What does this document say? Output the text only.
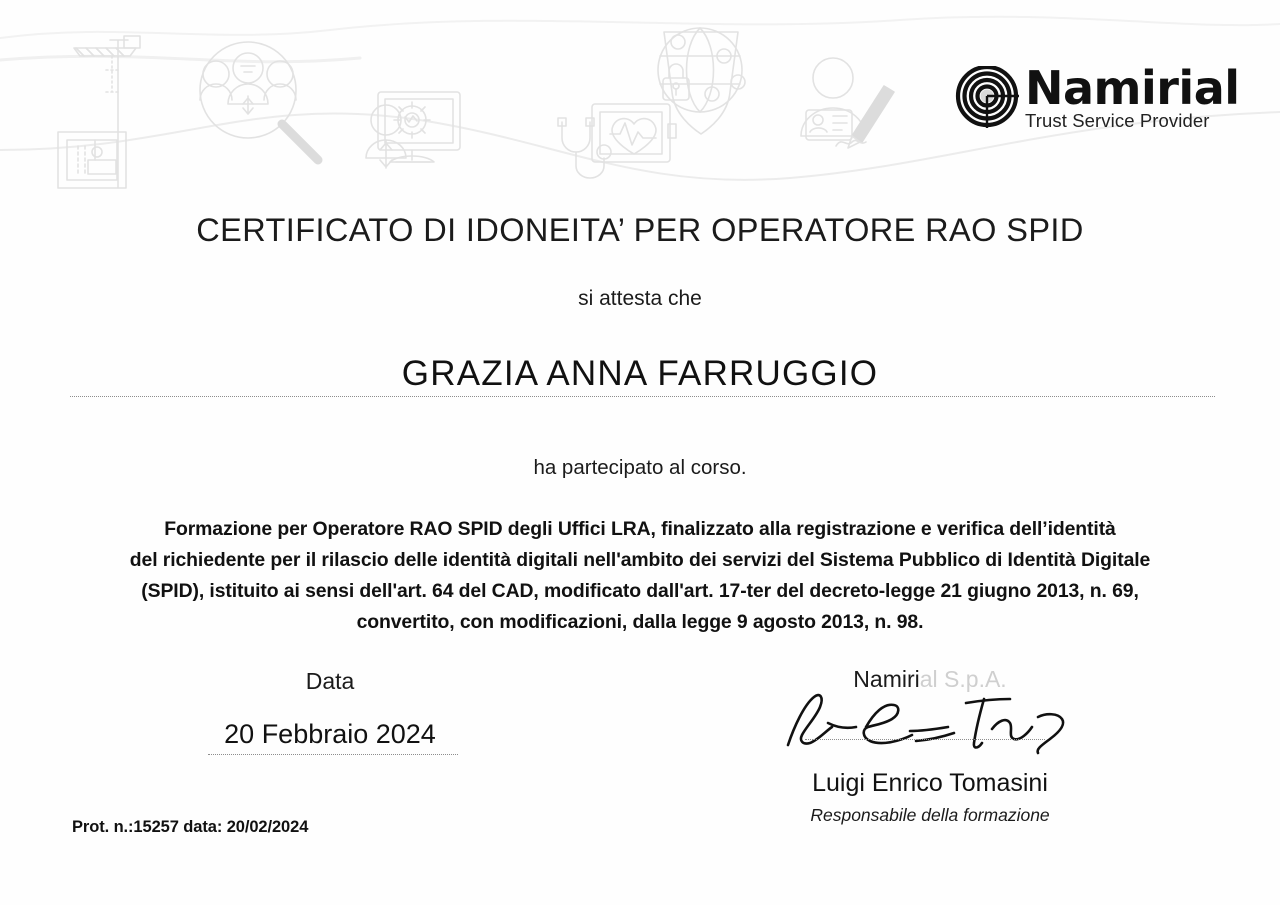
Namirial
Trust Service Provider
CERTIFICATO DI IDONEITA’ PER OPERATORE RAO SPID
si attesta che
GRAZIA ANNA FARRUGGIO
ha partecipato al corso.
Formazione per Operatore RAO SPID degli Uffici LRA, finalizzato alla registrazione e verifica dell’identità
del richiedente per il rilascio delle identità digitali nell'ambito dei servizi del Sistema Pubblico di Identità Digitale
(SPID), istituito ai sensi dell'art. 64 del CAD, modificato dall'art. 17-ter del decreto-legge 21 giugno 2013, n. 69,
convertito, con modificazioni, dalla legge 9 agosto 2013, n. 98.
Data
20 Febbraio 2024
Namirial S.p.A.
Luigi Enrico Tomasini
Responsabile della formazione
Prot. n.:15257 data: 20/02/2024
